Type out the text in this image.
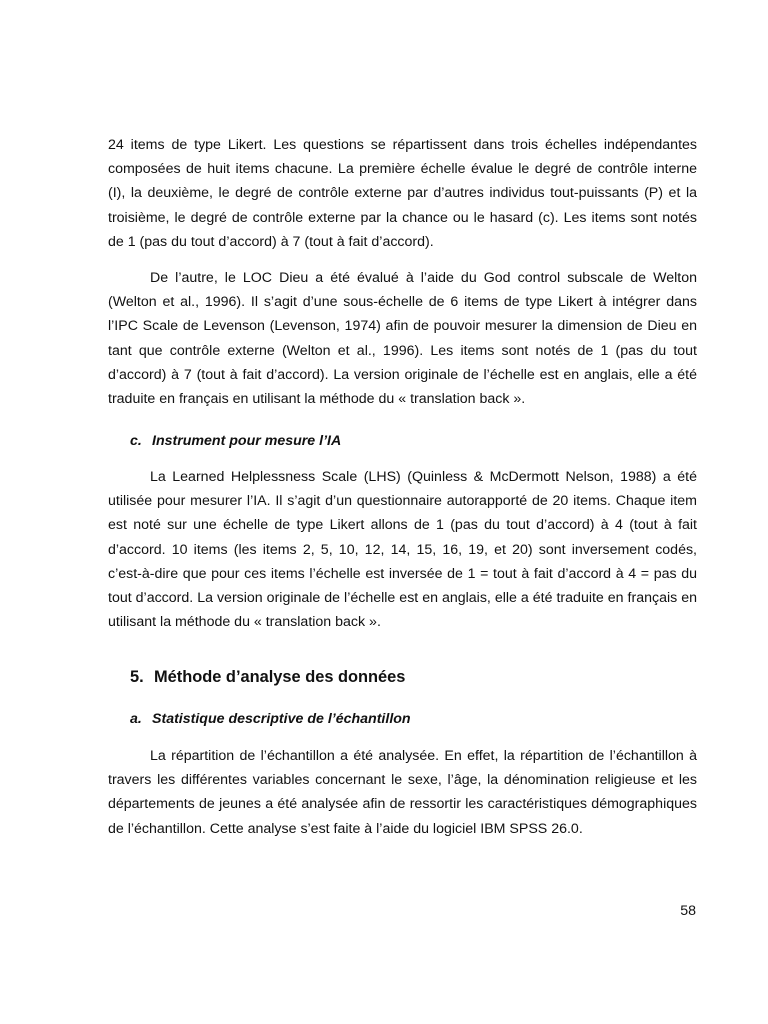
24 items de type Likert. Les questions se répartissent dans trois échelles indépendantes composées de huit items chacune. La première échelle évalue le degré de contrôle interne (I), la deuxième, le degré de contrôle externe par d’autres individus tout-puissants (P) et la troisième, le degré de contrôle externe par la chance ou le hasard (c). Les items sont notés de 1 (pas du tout d’accord) à 7 (tout à fait d’accord).

De l’autre, le LOC Dieu a été évalué à l’aide du God control subscale de Welton (Welton et al., 1996). Il s’agit d’une sous-échelle de 6 items de type Likert à intégrer dans l’IPC Scale de Levenson (Levenson, 1974) afin de pouvoir mesurer la dimension de Dieu en tant que contrôle externe (Welton et al., 1996). Les items sont notés de 1 (pas du tout d’accord) à 7 (tout à fait d’accord). La version originale de l’échelle est en anglais, elle a été traduite en français en utilisant la méthode du « translation back ».

c. Instrument pour mesure l’IA

La Learned Helplessness Scale (LHS) (Quinless & McDermott Nelson, 1988) a été utilisée pour mesurer l’IA. Il s’agit d’un questionnaire autorapporté de 20 items. Chaque item est noté sur une échelle de type Likert allons de 1 (pas du tout d’accord) à 4 (tout à fait d’accord. 10 items (les items 2, 5, 10, 12, 14, 15, 16, 19, et 20) sont inversement codés, c’est-à-dire que pour ces items l’échelle est inversée de 1 = tout à fait d’accord à 4 = pas du tout d’accord. La version originale de l’échelle est en anglais, elle a été traduite en français en utilisant la méthode du « translation back ».

5. Méthode d’analyse des données
a. Statistique descriptive de l’échantillon

La répartition de l’échantillon a été analysée. En effet, la répartition de l’échantillon à travers les différentes variables concernant le sexe, l’âge, la dénomination religieuse et les départements de jeunes a été analysée afin de ressortir les caractéristiques démographiques de l’échantillon. Cette analyse s’est faite à l’aide du logiciel IBM SPSS 26.0.

58
